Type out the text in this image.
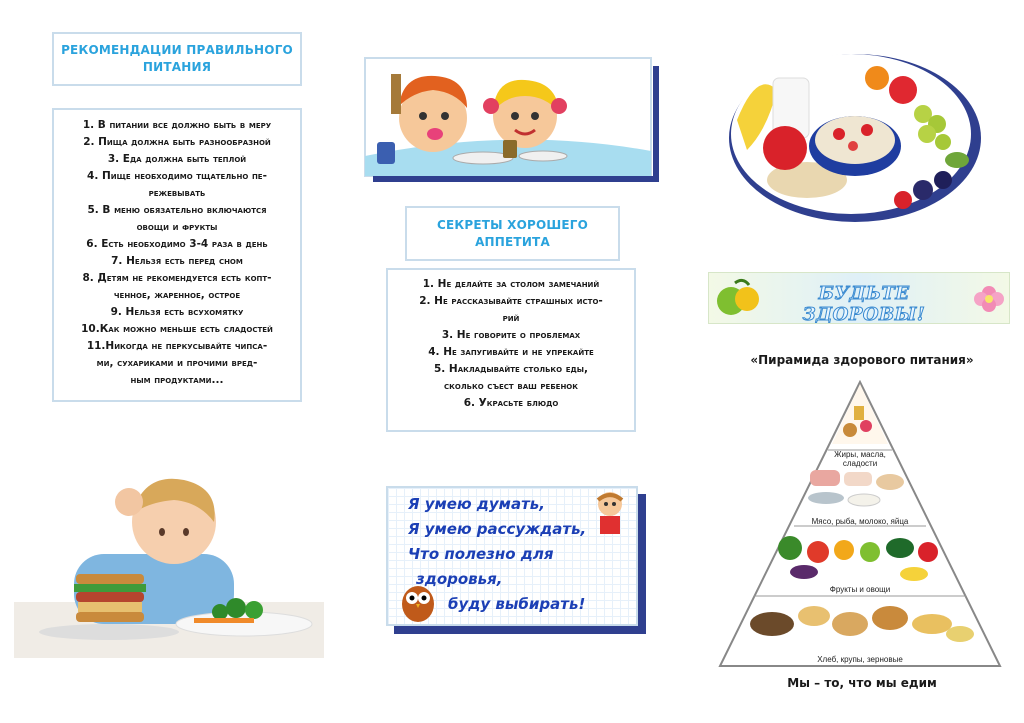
РЕКОМЕНДАЦИИ ПРАВИЛЬНОГО
ПИТАНИЯ
1. В питании все должно быть в меру
2. Пища должна быть разнообразной
3. Еда должна быть теплой
4. Пище необходимо тщательно пе-
режевывать
5. В меню обязательно включаются
овощи и фрукты
6. Есть необходимо 3-4 раза в день
7. Нельзя есть перед сном
8. Детям не рекомендуется есть копт-
ченное, жаренное, острое
9. Нельзя есть всухомятку
10.Как можно меньше есть сладостей
11.Никогда не перкусывайте чипса-
ми, сухариками и прочими вред-
ным продуктами...
СЕКРЕТЫ ХОРОШЕГО
АППЕТИТА
1. Не делайте за столом замечаний
2. Не рассказывайте страшных исто-
рий
3. Не говорите о проблемах
4. Не запугивайте и не упрекайте
5. Накладывайте столько еды,
сколько съест ваш ребенок
6. Украсьте блюдо
Я умею думать,
Я умею рассуждать,
Что полезно для
здоровья,
буду выбирать!
БУДЬТЕ ЗДОРОВЫ!
«Пирамида здорового питания»
Жиры, масла,
сладости
Мясо, рыба, молоко, яйца
Фрукты и овощи
Хлеб, крупы, зерновые
Мы – то, что мы едим
